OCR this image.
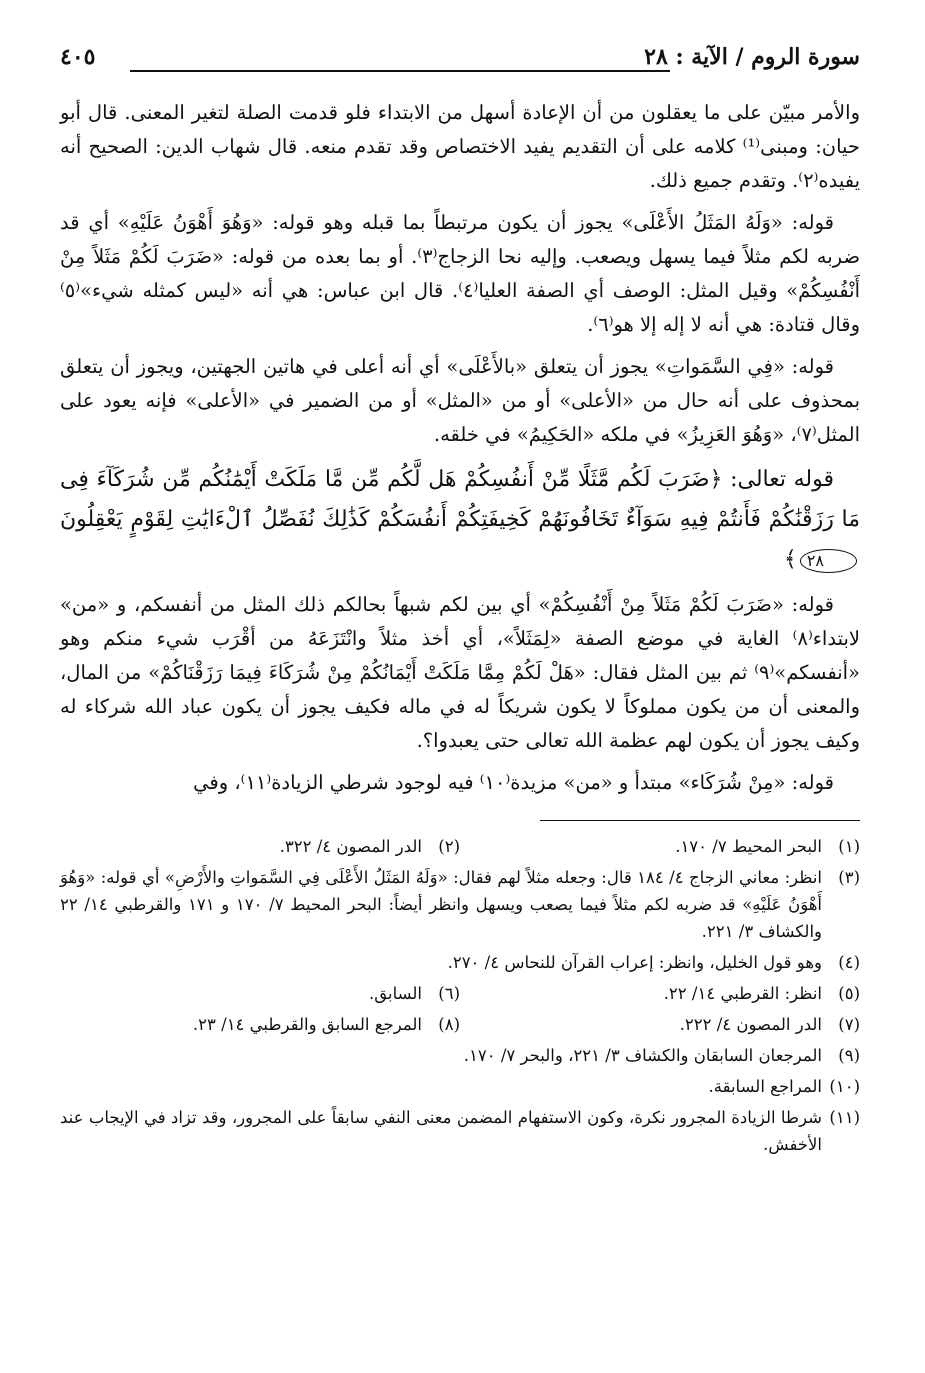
سورة الروم / الآية : ٢٨
٤٠٥

والأمر مبيّن على ما يعقلون من أن الإعادة أسهل من الابتداء فلو قدمت الصلة لتغير المعنى. قال أبو حيان: ومبنى⁽¹⁾ كلامه على أن التقديم يفيد الاختصاص وقد تقدم منعه. قال شهاب الدين: الصحيح أنه يفيده⁽٢⁾. وتقدم جميع ذلك.

قوله: «وَلَهُ المَثَلُ الأَعْلَى» يجوز أن يكون مرتبطاً بما قبله وهو قوله: «وَهُوَ أَهْوَنُ عَلَيْهِ» أي قد ضربه لكم مثلاً فيما يسهل ويصعب. وإليه نحا الزجاج⁽٣⁾. أو بما بعده من قوله: «ضَرَبَ لَكُمْ مَثَلاً مِنْ أَنْفُسِكُمْ» وقيل المثل: الوصف أي الصفة العليا⁽٤⁾. قال ابن عباس: هي أنه «ليس كمثله شيء»⁽٥⁾ وقال قتادة: هي أنه لا إله إلا هو⁽٦⁾.

قوله: «فِي السَّمَواتِ» يجوز أن يتعلق «بالأَعْلَى» أي أنه أعلى في هاتين الجهتين، ويجوز أن يتعلق بمحذوف على أنه حال من «الأعلى» أو من «المثل» أو من الضمير في «الأعلى» فإنه يعود على المثل⁽٧⁾، «وَهُوَ العَزِيزُ» في ملكه «الحَكِيمُ» في خلقه.

قوله تعالى: ﴿ضَرَبَ لَكُم مَّثَلًا مِّنْ أَنفُسِكُمْ هَل لَّكُم مِّن مَّا مَلَكَتْ أَيْمَٰنُكُم مِّن شُرَكَآءَ فِى مَا رَزَقْنَٰكُمْ فَأَنتُمْ فِيهِ سَوَآءٌ تَخَافُونَهُمْ كَخِيفَتِكُمْ أَنفُسَكُمْ كَذَٰلِكَ نُفَصِّلُ ٱلْءَايَٰتِ لِقَوْمٍ يَعْقِلُونَ ٢٨﴾

قوله: «ضَرَبَ لَكُمْ مَثَلاً مِنْ أَنْفُسِكُمْ» أي بين لكم شبهاً بحالكم ذلك المثل من أنفسكم، و «من» لابتداء⁽٨⁾ الغاية في موضع الصفة «لِمَثَلاً»، أي أخذ مثلاً وانْتَزَعَهُ من أقْرَب شيء منكم وهو «أنفسكم»⁽٩⁾ ثم بين المثل فقال: «هَلْ لَكُمْ مِمَّا مَلَكَتْ أَيْمَانُكُمْ مِنْ شُرَكَاءَ فِيمَا رَزَقْنَاكُمْ» من المال، والمعنى أن من يكون مملوكاً لا يكون شريكاً له في ماله فكيف يجوز أن يكون عباد الله شركاء له وكيف يجوز أن يكون لهم عظمة الله تعالى حتى يعبدوا؟.

قوله: «مِنْ شُرَكَاء» مبتدأ و «من» مزيدة⁽١٠⁾ فيه لوجود شرطي الزيادة⁽١١⁾، وفي

(١)
البحر المحيط ٧/ ١٧٠.
(٢)
الدر المصون ٤/ ٣٢٢.
(٣)
انظر: معاني الزجاج ٤/ ١٨٤ قال: وجعله مثلاً لهم فقال: «وَلَهُ المَثَلُ الأَعْلَى فِي السَّمَواتِ والأَرْضِ» أي قوله: «وَهُوَ أَهْوَنُ عَلَيْهِ» قد ضربه لكم مثلاً فيما يصعب ويسهل وانظر أيضاً: البحر المحيط ٧/ ١٧٠ و ١٧١ والقرطبي ١٤/ ٢٢ والكشاف ٣/ ٢٢١.
(٤)
وهو قول الخليل، وانظر: إعراب القرآن للنحاس ٤/ ٢٧٠.
(٥)
انظر: القرطبي ١٤/ ٢٢.
(٦)
السابق.
(٧)
الدر المصون ٤/ ٢٢٢.
(٨)
المرجع السابق والقرطبي ١٤/ ٢٣.
(٩)
المرجعان السابقان والكشاف ٣/ ٢٢١، والبحر ٧/ ١٧٠.
(١٠)
المراجع السابقة.
(١١)
شرطا الزيادة المجرور نكرة، وكون الاستفهام المضمن معنى النفي سابقاً على المجرور، وقد تزاد في الإيجاب عند الأخفش.
